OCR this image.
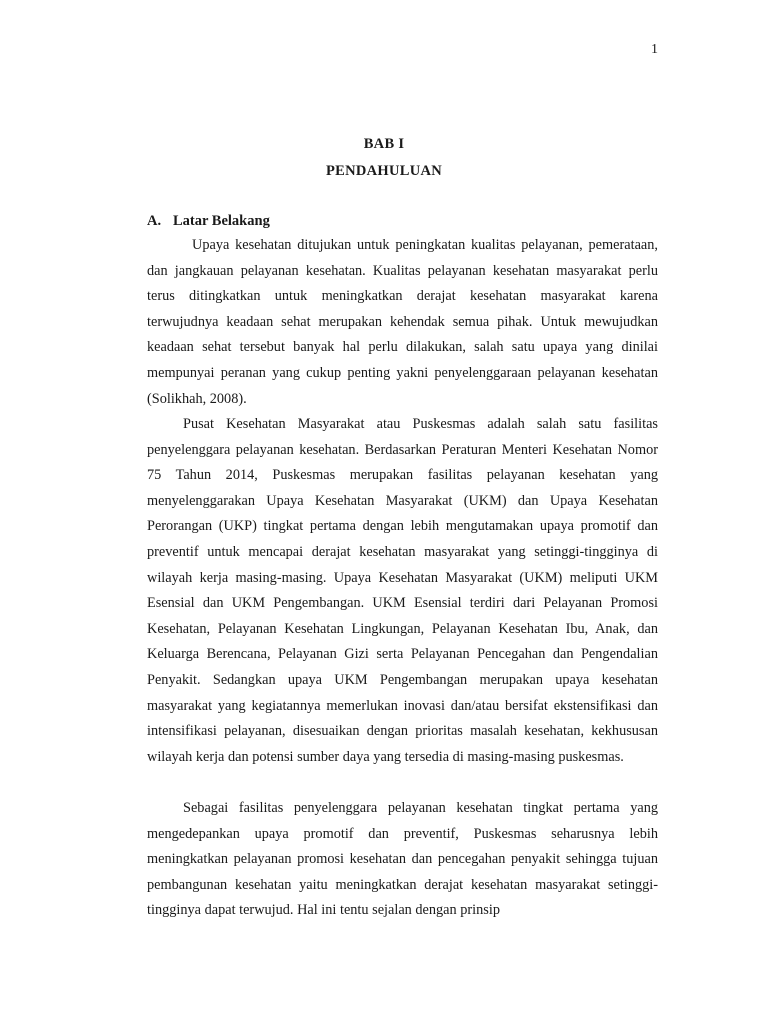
1
BAB I
PENDAHULUAN
A. Latar Belakang

Upaya kesehatan ditujukan untuk peningkatan kualitas pelayanan, pemerataan, dan jangkauan pelayanan kesehatan. Kualitas pelayanan kesehatan masyarakat perlu terus ditingkatkan untuk meningkatkan derajat kesehatan masyarakat karena terwujudnya keadaan sehat merupakan kehendak semua pihak. Untuk mewujudkan keadaan sehat tersebut banyak hal perlu dilakukan, salah satu upaya yang dinilai mempunyai peranan yang cukup penting yakni penyelenggaraan pelayanan kesehatan (Solikhah, 2008).

Pusat Kesehatan Masyarakat atau Puskesmas adalah salah satu fasilitas penyelenggara pelayanan kesehatan. Berdasarkan Peraturan Menteri Kesehatan Nomor 75 Tahun 2014, Puskesmas merupakan fasilitas pelayanan kesehatan yang menyelenggarakan Upaya Kesehatan Masyarakat (UKM) dan Upaya Kesehatan Perorangan (UKP) tingkat pertama dengan lebih mengutamakan upaya promotif dan preventif untuk mencapai derajat kesehatan masyarakat yang setinggi-tingginya di wilayah kerja masing-masing. Upaya Kesehatan Masyarakat (UKM) meliputi UKM Esensial dan UKM Pengembangan. UKM Esensial terdiri dari Pelayanan Promosi Kesehatan, Pelayanan Kesehatan Lingkungan, Pelayanan Kesehatan Ibu, Anak, dan Keluarga Berencana, Pelayanan Gizi serta Pelayanan Pencegahan dan Pengendalian Penyakit. Sedangkan upaya UKM Pengembangan merupakan upaya kesehatan masyarakat yang kegiatannya memerlukan inovasi dan/atau bersifat ekstensifikasi dan intensifikasi pelayanan, disesuaikan dengan prioritas masalah kesehatan, kekhususan wilayah kerja dan potensi sumber daya yang tersedia di masing-masing puskesmas.

Sebagai fasilitas penyelenggara pelayanan kesehatan tingkat pertama yang mengedepankan upaya promotif dan preventif, Puskesmas seharusnya lebih meningkatkan pelayanan promosi kesehatan dan pencegahan penyakit sehingga tujuan pembangunan kesehatan yaitu meningkatkan derajat kesehatan masyarakat setinggi-tingginya dapat terwujud. Hal ini tentu sejalan dengan prinsip
